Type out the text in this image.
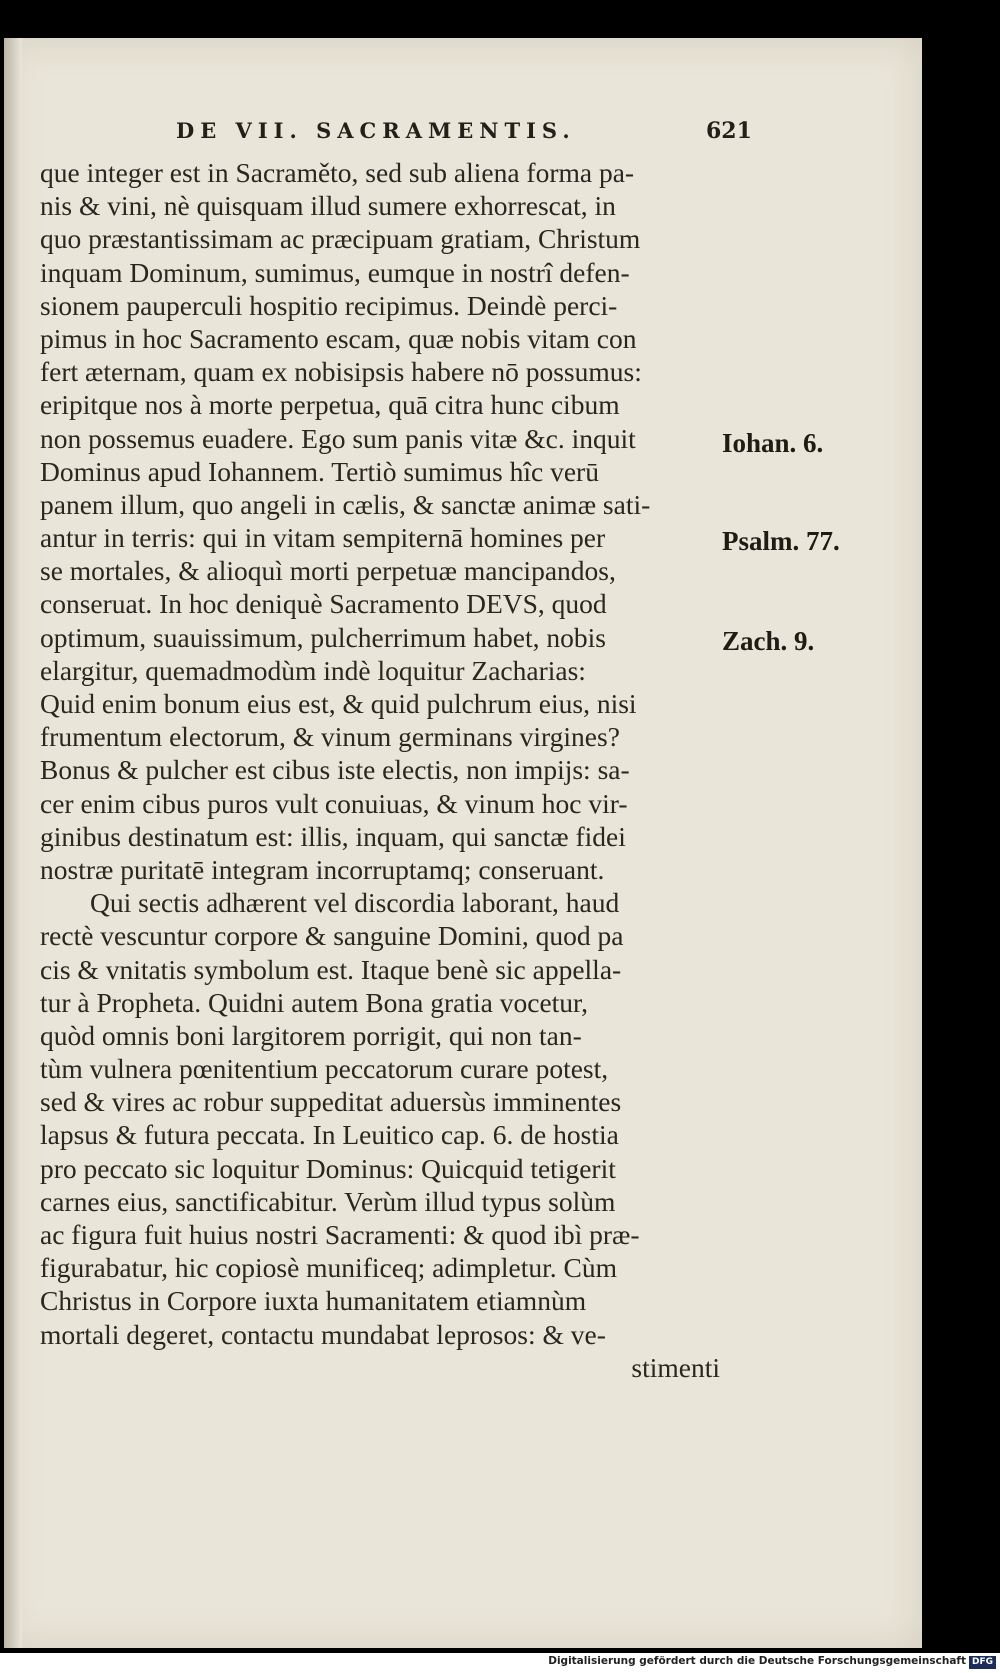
DE VII. SACRAMENTIS.	621
que integer est in Sacraměto, sed sub aliena forma pa-
nis & vini, nè quisquam illud sumere exhorrescat, in
quo præstantissimam ac præcipuam gratiam, Christum
inquam Dominum, sumimus, eumque in nostrî defen-
sionem pauperculi hospitio recipimus. Deindè perci-
pimus in hoc Sacramento escam, quæ nobis vitam con
fert æternam, quam ex nobisipsis habere nō possumus:
eripitque nos à morte perpetua, quā citra hunc cibum
non possemus euadere. Ego sum panis vitæ &c. inquit
Dominus apud Iohannem. Tertiò sumimus hîc verū
panem illum, quo angeli in cælis, & sanctæ animæ sati-
antur in terris: qui in vitam sempiternā homines per
se mortales, & alioquì morti perpetuæ mancipandos,
conseruat. In hoc deniquè Sacramento DEVS, quod
optimum, suauissimum, pulcherrimum habet, nobis
elargitur, quemadmodùm indè loquitur Zacharias:
Quid enim bonum eius est, & quid pulchrum eius, nisi
frumentum electorum, & vinum germinans virgines?
Bonus & pulcher est cibus iste electis, non impijs: sa-
cer enim cibus puros vult conuiuas, & vinum hoc vir-
ginibus destinatum est: illis, inquam, qui sanctæ fidei
nostræ puritatē integram incorruptamq; conseruant.
Qui sectis adhærent vel discordia laborant, haud
rectè vescuntur corpore & sanguine Domini, quod pa
cis & vnitatis symbolum est. Itaque benè sic appella-
tur à Propheta. Quidni autem Bona gratia vocetur,
quòd omnis boni largitorem porrigit, qui non tan-
tùm vulnera pœnitentium peccatorum curare potest,
sed & vires ac robur suppeditat aduersùs imminentes
lapsus & futura peccata. In Leuitico cap. 6. de hostia
pro peccato sic loquitur Dominus: Quicquid tetigerit
carnes eius, sanctificabitur. Verùm illud typus solùm
ac figura fuit huius nostri Sacramenti: & quod ibì præ-
figurabatur, hic copiosè munificeq; adimpletur. Cùm
Christus in Corpore iuxta humanitatem etiamnùm
mortali degeret, contactu mundabat leprosos: & ve-
stimenti
Iohan. 6.
Psalm. 77.
Zach. 9.
Digitalisierung gefördert durch die Deutsche Forschungsgemeinschaft DFG
